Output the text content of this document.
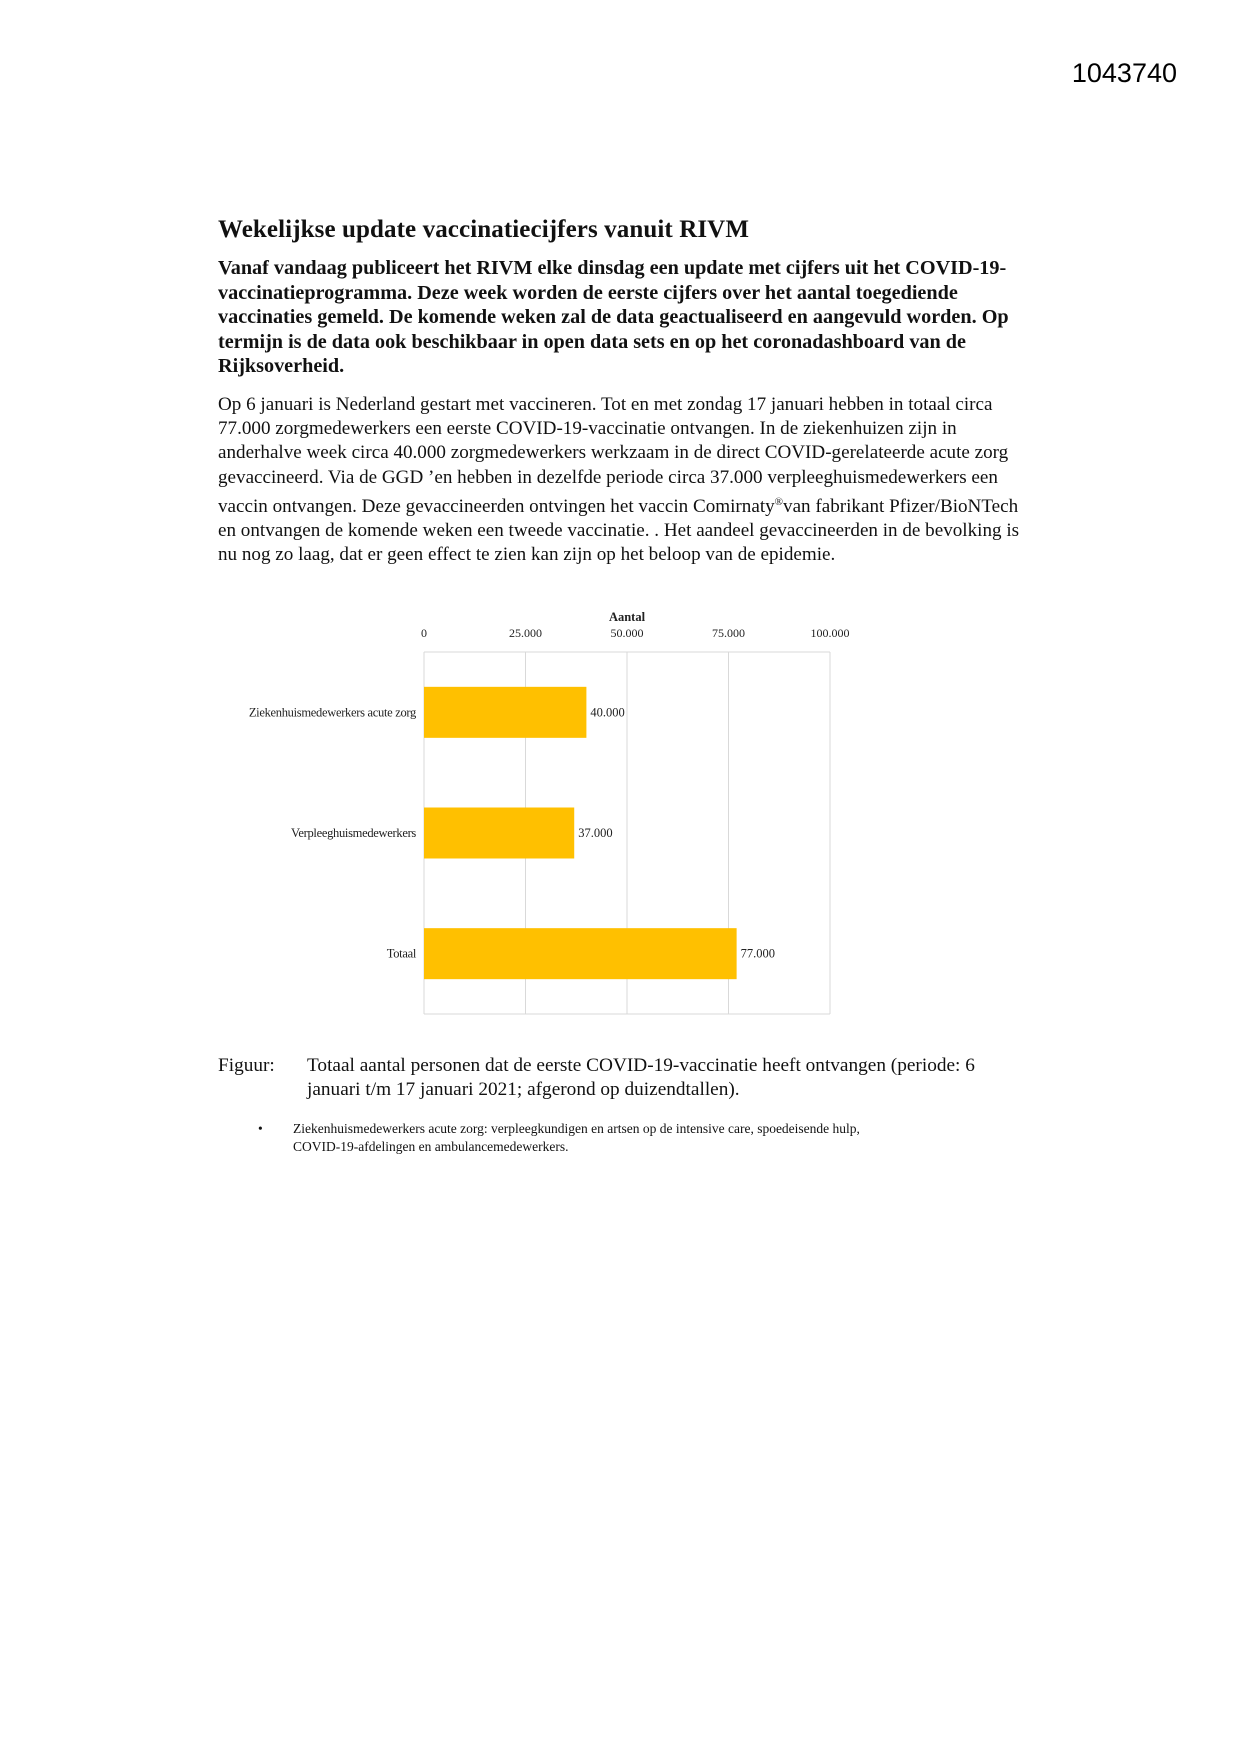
1043740
Wekelijkse update vaccinatiecijfers vanuit RIVM

Vanaf vandaag publiceert het RIVM elke dinsdag een update met cijfers uit het COVID-19-vaccinatieprogramma. Deze week worden de eerste cijfers over het aantal toegediende vaccinaties gemeld. De komende weken zal de data geactualiseerd en aangevuld worden. Op termijn is de data ook beschikbaar in open data sets en op het coronadashboard van de Rijksoverheid.

Op 6 januari is Nederland gestart met vaccineren. Tot en met zondag 17 januari hebben in totaal circa 77.000 zorgmedewerkers een eerste COVID-19-vaccinatie ontvangen. In de ziekenhuizen zijn in anderhalve week circa 40.000 zorgmedewerkers werkzaam in de direct COVID-gerelateerde acute zorg gevaccineerd. Via de GGD ’en hebben in dezelfde periode circa 37.000 verpleeghuismedewerkers een vaccin ontvangen. Deze gevaccineerden ontvingen het vaccin Comirnaty®van fabrikant Pfizer/BioNTech en ontvangen de komende weken een tweede vaccinatie. . Het aandeel gevaccineerden in de bevolking is nu nog zo laag, dat er geen effect te zien kan zijn op het beloop van de epidemie.

Aantal
0	25.000	50.000	75.000	100.000
40.000
Ziekenhuismedewerkers acute zorg
37.000
Verpleeghuismedewerkers
77.000
Totaal
Figuur:	Totaal aantal personen dat de eerste COVID-19-vaccinatie heeft ontvangen (periode: 6 januari t/m 17 januari 2021; afgerond op duizendtallen).
• Ziekenhuismedewerkers acute zorg: verpleegkundigen en artsen op de intensive care, spoedeisende hulp, COVID-19-afdelingen en ambulancemedewerkers.
